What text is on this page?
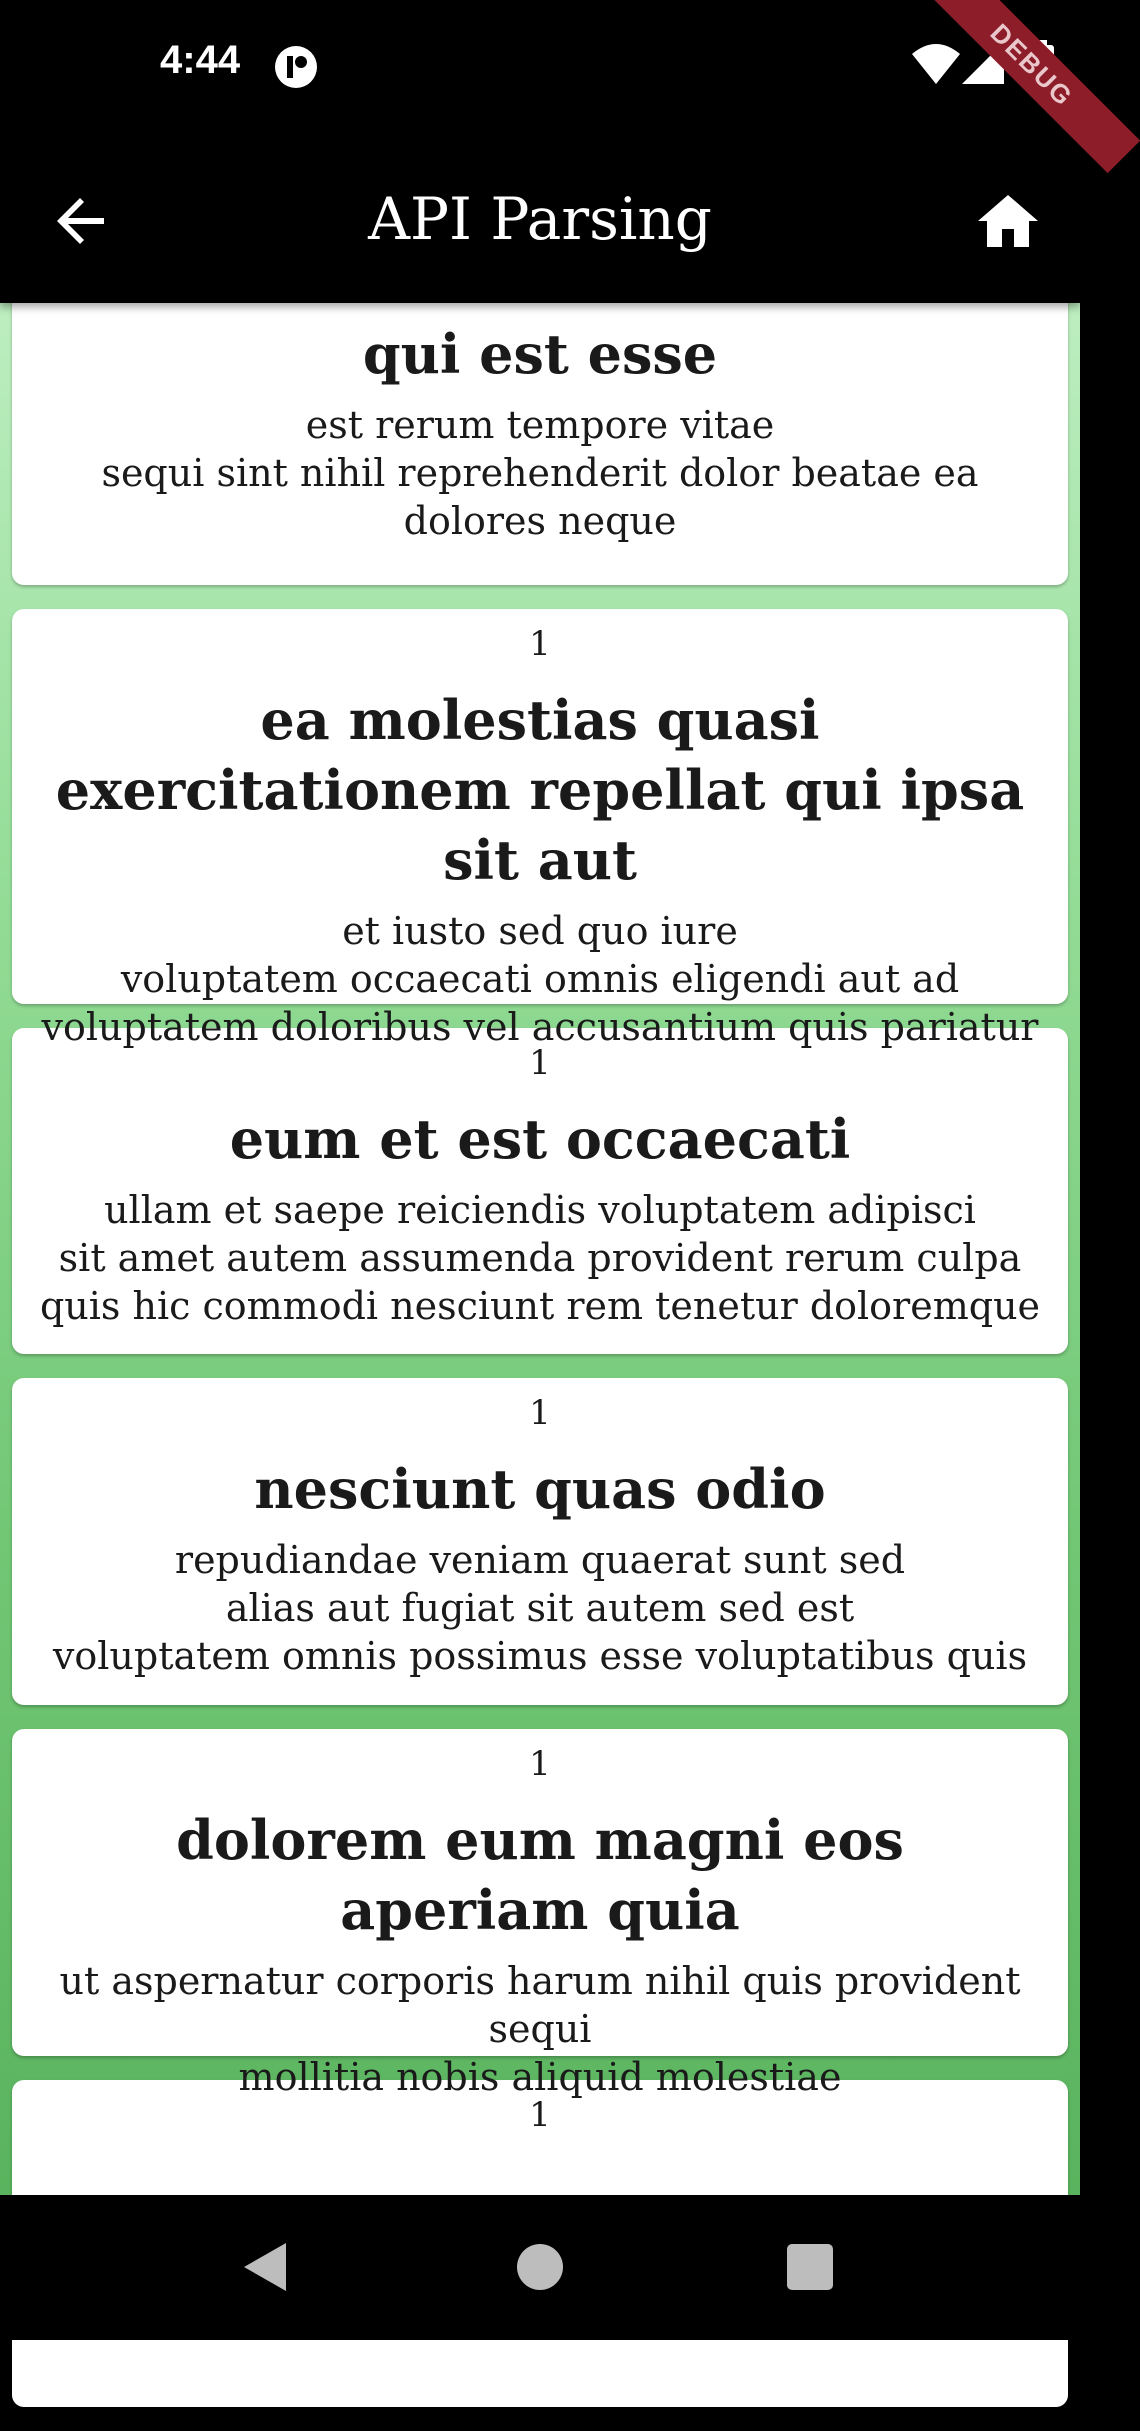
4:44	DEBUG
API Parsing
qui est esse
est rerum tempore vitae
sequi sint nihil reprehenderit dolor beatae ea dolores neque
1
ea molestias quasi exercitationem repellat qui ipsa sit aut
et iusto sed quo iure
voluptatem occaecati omnis eligendi aut ad
voluptatem doloribus vel accusantium quis pariatur
1
eum et est occaecati
ullam et saepe reiciendis voluptatem adipisci
sit amet autem assumenda provident rerum culpa
quis hic commodi nesciunt rem tenetur doloremque
1
nesciunt quas odio
repudiandae veniam quaerat sunt sed
alias aut fugiat sit autem sed est
voluptatem omnis possimus esse voluptatibus quis
1
dolorem eum magni eos aperiam quia
ut aspernatur corporis harum nihil quis provident sequi
mollitia nobis aliquid molestiae
1
